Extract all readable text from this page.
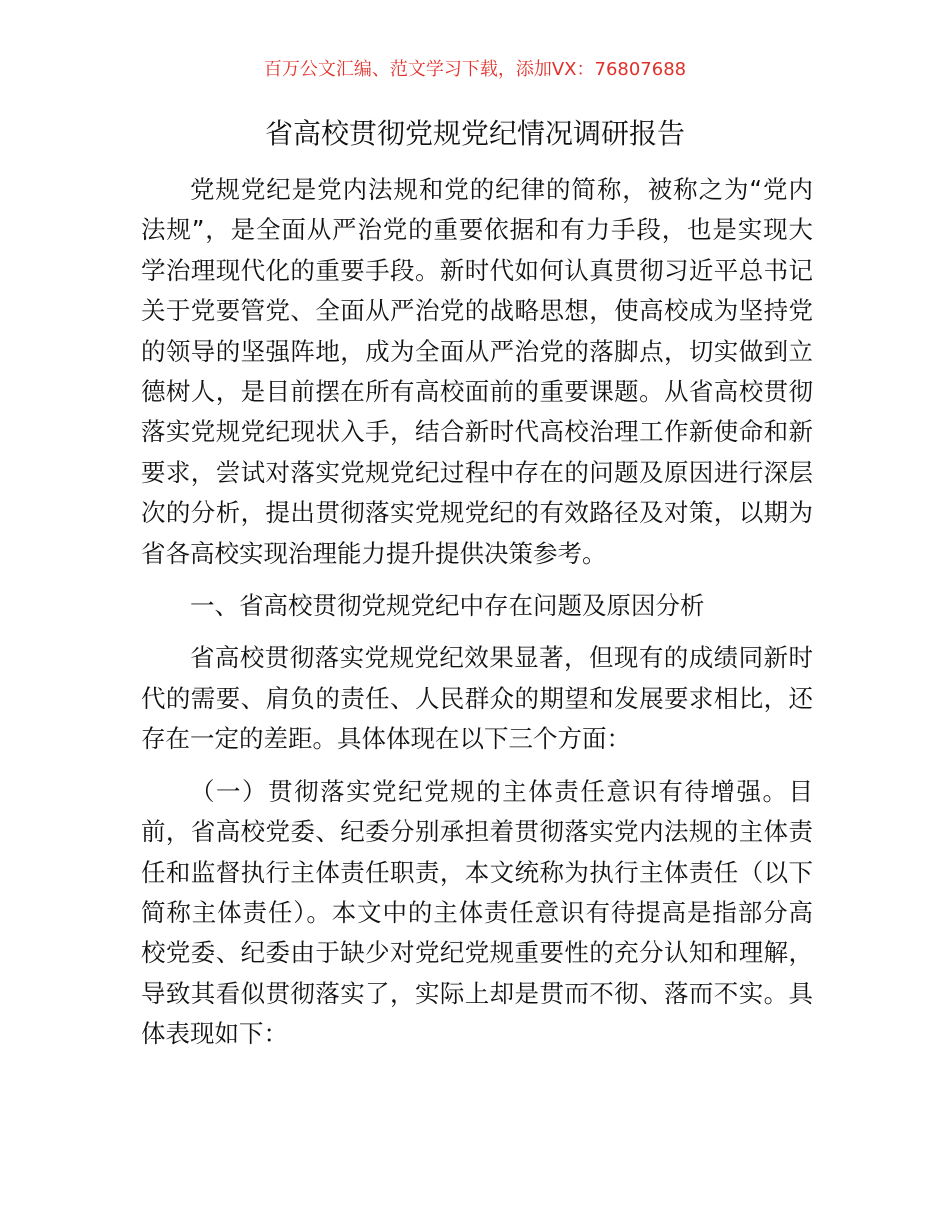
百万公文汇编、范文学习下载，添加VX：76807688
省高校贯彻党规党纪情况调研报告

党规党纪是党内法规和党的纪律的简称，被称之为“党内法规”，是全面从严治党的重要依据和有力手段，也是实现大学治理现代化的重要手段。新时代如何认真贯彻习近平总书记关于党要管党、全面从严治党的战略思想，使高校成为坚持党的领导的坚强阵地，成为全面从严治党的落脚点，切实做到立德树人，是目前摆在所有高校面前的重要课题。从省高校贯彻落实党规党纪现状入手，结合新时代高校治理工作新使命和新要求，尝试对落实党规党纪过程中存在的问题及原因进行深层次的分析，提出贯彻落实党规党纪的有效路径及对策，以期为省各高校实现治理能力提升提供决策参考。

一、省高校贯彻党规党纪中存在问题及原因分析

省高校贯彻落实党规党纪效果显著，但现有的成绩同新时代的需要、肩负的责任、人民群众的期望和发展要求相比，还存在一定的差距。具体体现在以下三个方面：

（一）贯彻落实党纪党规的主体责任意识有待增强。目前，省高校党委、纪委分别承担着贯彻落实党内法规的主体责任和监督执行主体责任职责，本文统称为执行主体责任（以下简称主体责任）。本文中的主体责任意识有待提高是指部分高校党委、纪委由于缺少对党纪党规重要性的充分认知和理解，导致其看似贯彻落实了，实际上却是贯而不彻、落而不实。具体表现如下：
